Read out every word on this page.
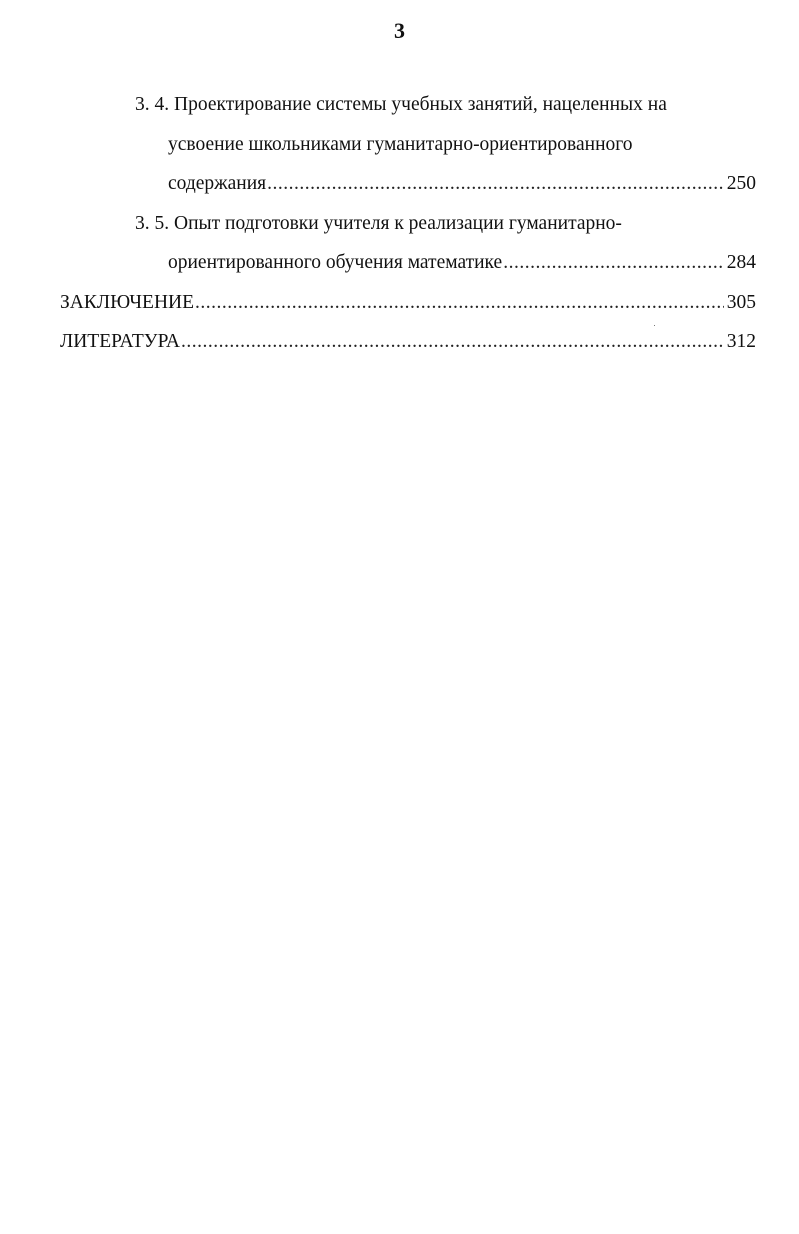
3
3. 4. Проектирование системы учебных занятий, нацеленных на
усвоение школьниками гуманитарно-ориентированного
содержания .....	250
3. 5. Опыт подготовки учителя к реализации гуманитарно-
ориентированного обучения математике .....	284
ЗАКЛЮЧЕНИЕ .....	305
ЛИТЕРАТУРА .....	312
